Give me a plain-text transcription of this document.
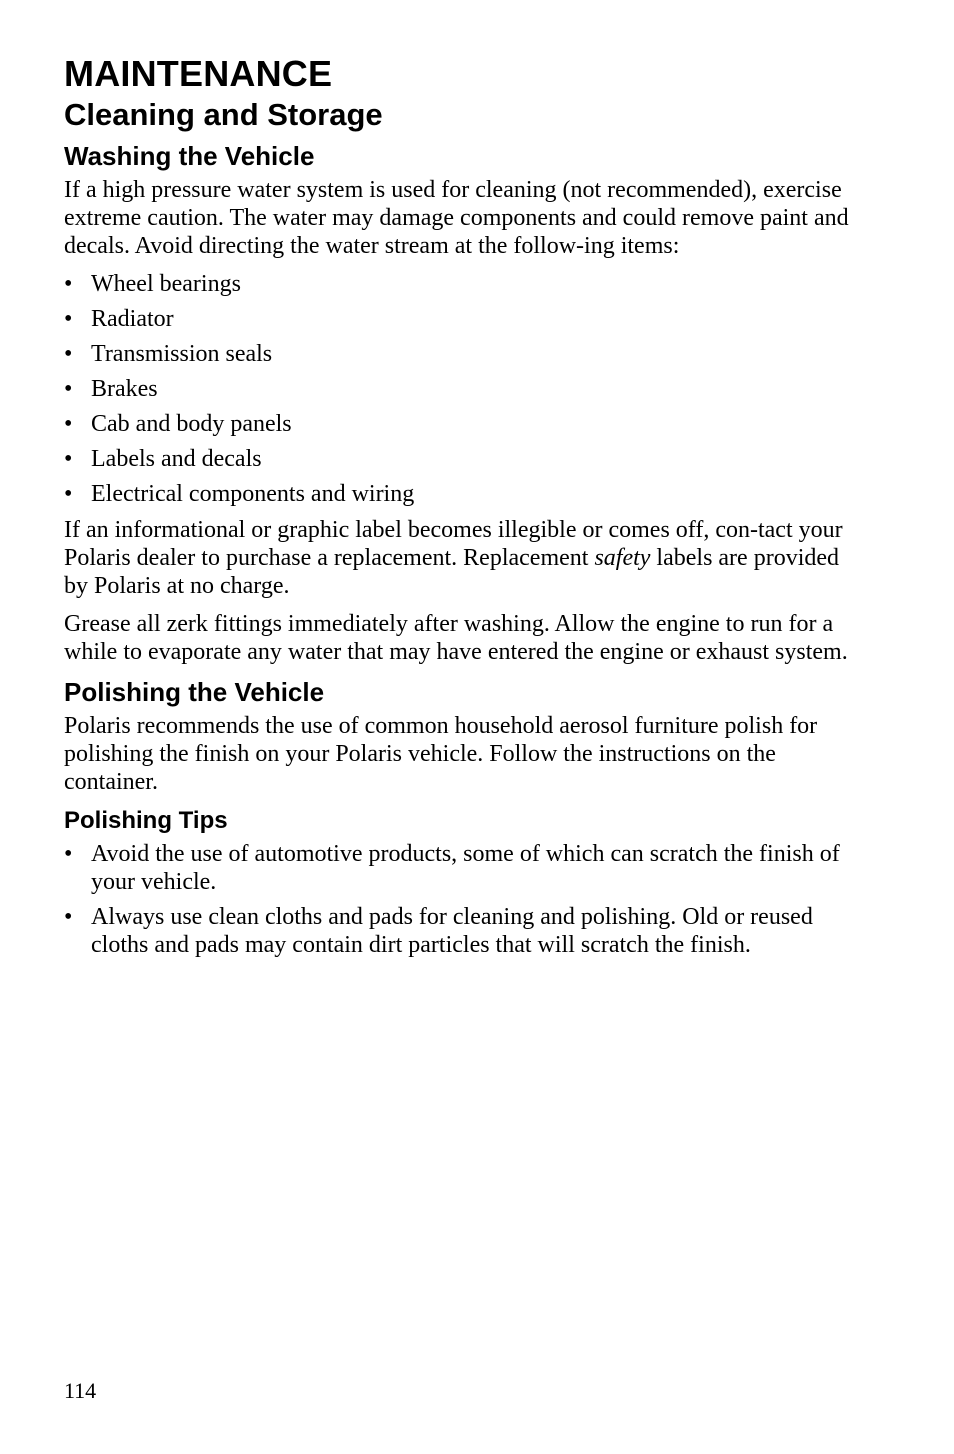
MAINTENANCE
Cleaning and Storage
Washing the Vehicle

If a high pressure water system is used for cleaning (not recommended), exercise extreme caution. The water may damage components and could remove paint and decals. Avoid directing the water stream at the follow-ing items:

• Wheel bearings
• Radiator
• Transmission seals
• Brakes
• Cab and body panels
• Labels and decals
• Electrical components and wiring

If an informational or graphic label becomes illegible or comes off, con-tact your Polaris dealer to purchase a replacement. Replacement safety labels are provided by Polaris at no charge.

Grease all zerk fittings immediately after washing. Allow the engine to run for a while to evaporate any water that may have entered the engine or exhaust system.

Polishing the Vehicle

Polaris recommends the use of common household aerosol furniture polish for polishing the finish on your Polaris vehicle. Follow the instructions on the container.

Polishing Tips
• Avoid the use of automotive products, some of which can scratch the finish of your vehicle.
• Always use clean cloths and pads for cleaning and polishing. Old or reused cloths and pads may contain dirt particles that will scratch the finish.
114
